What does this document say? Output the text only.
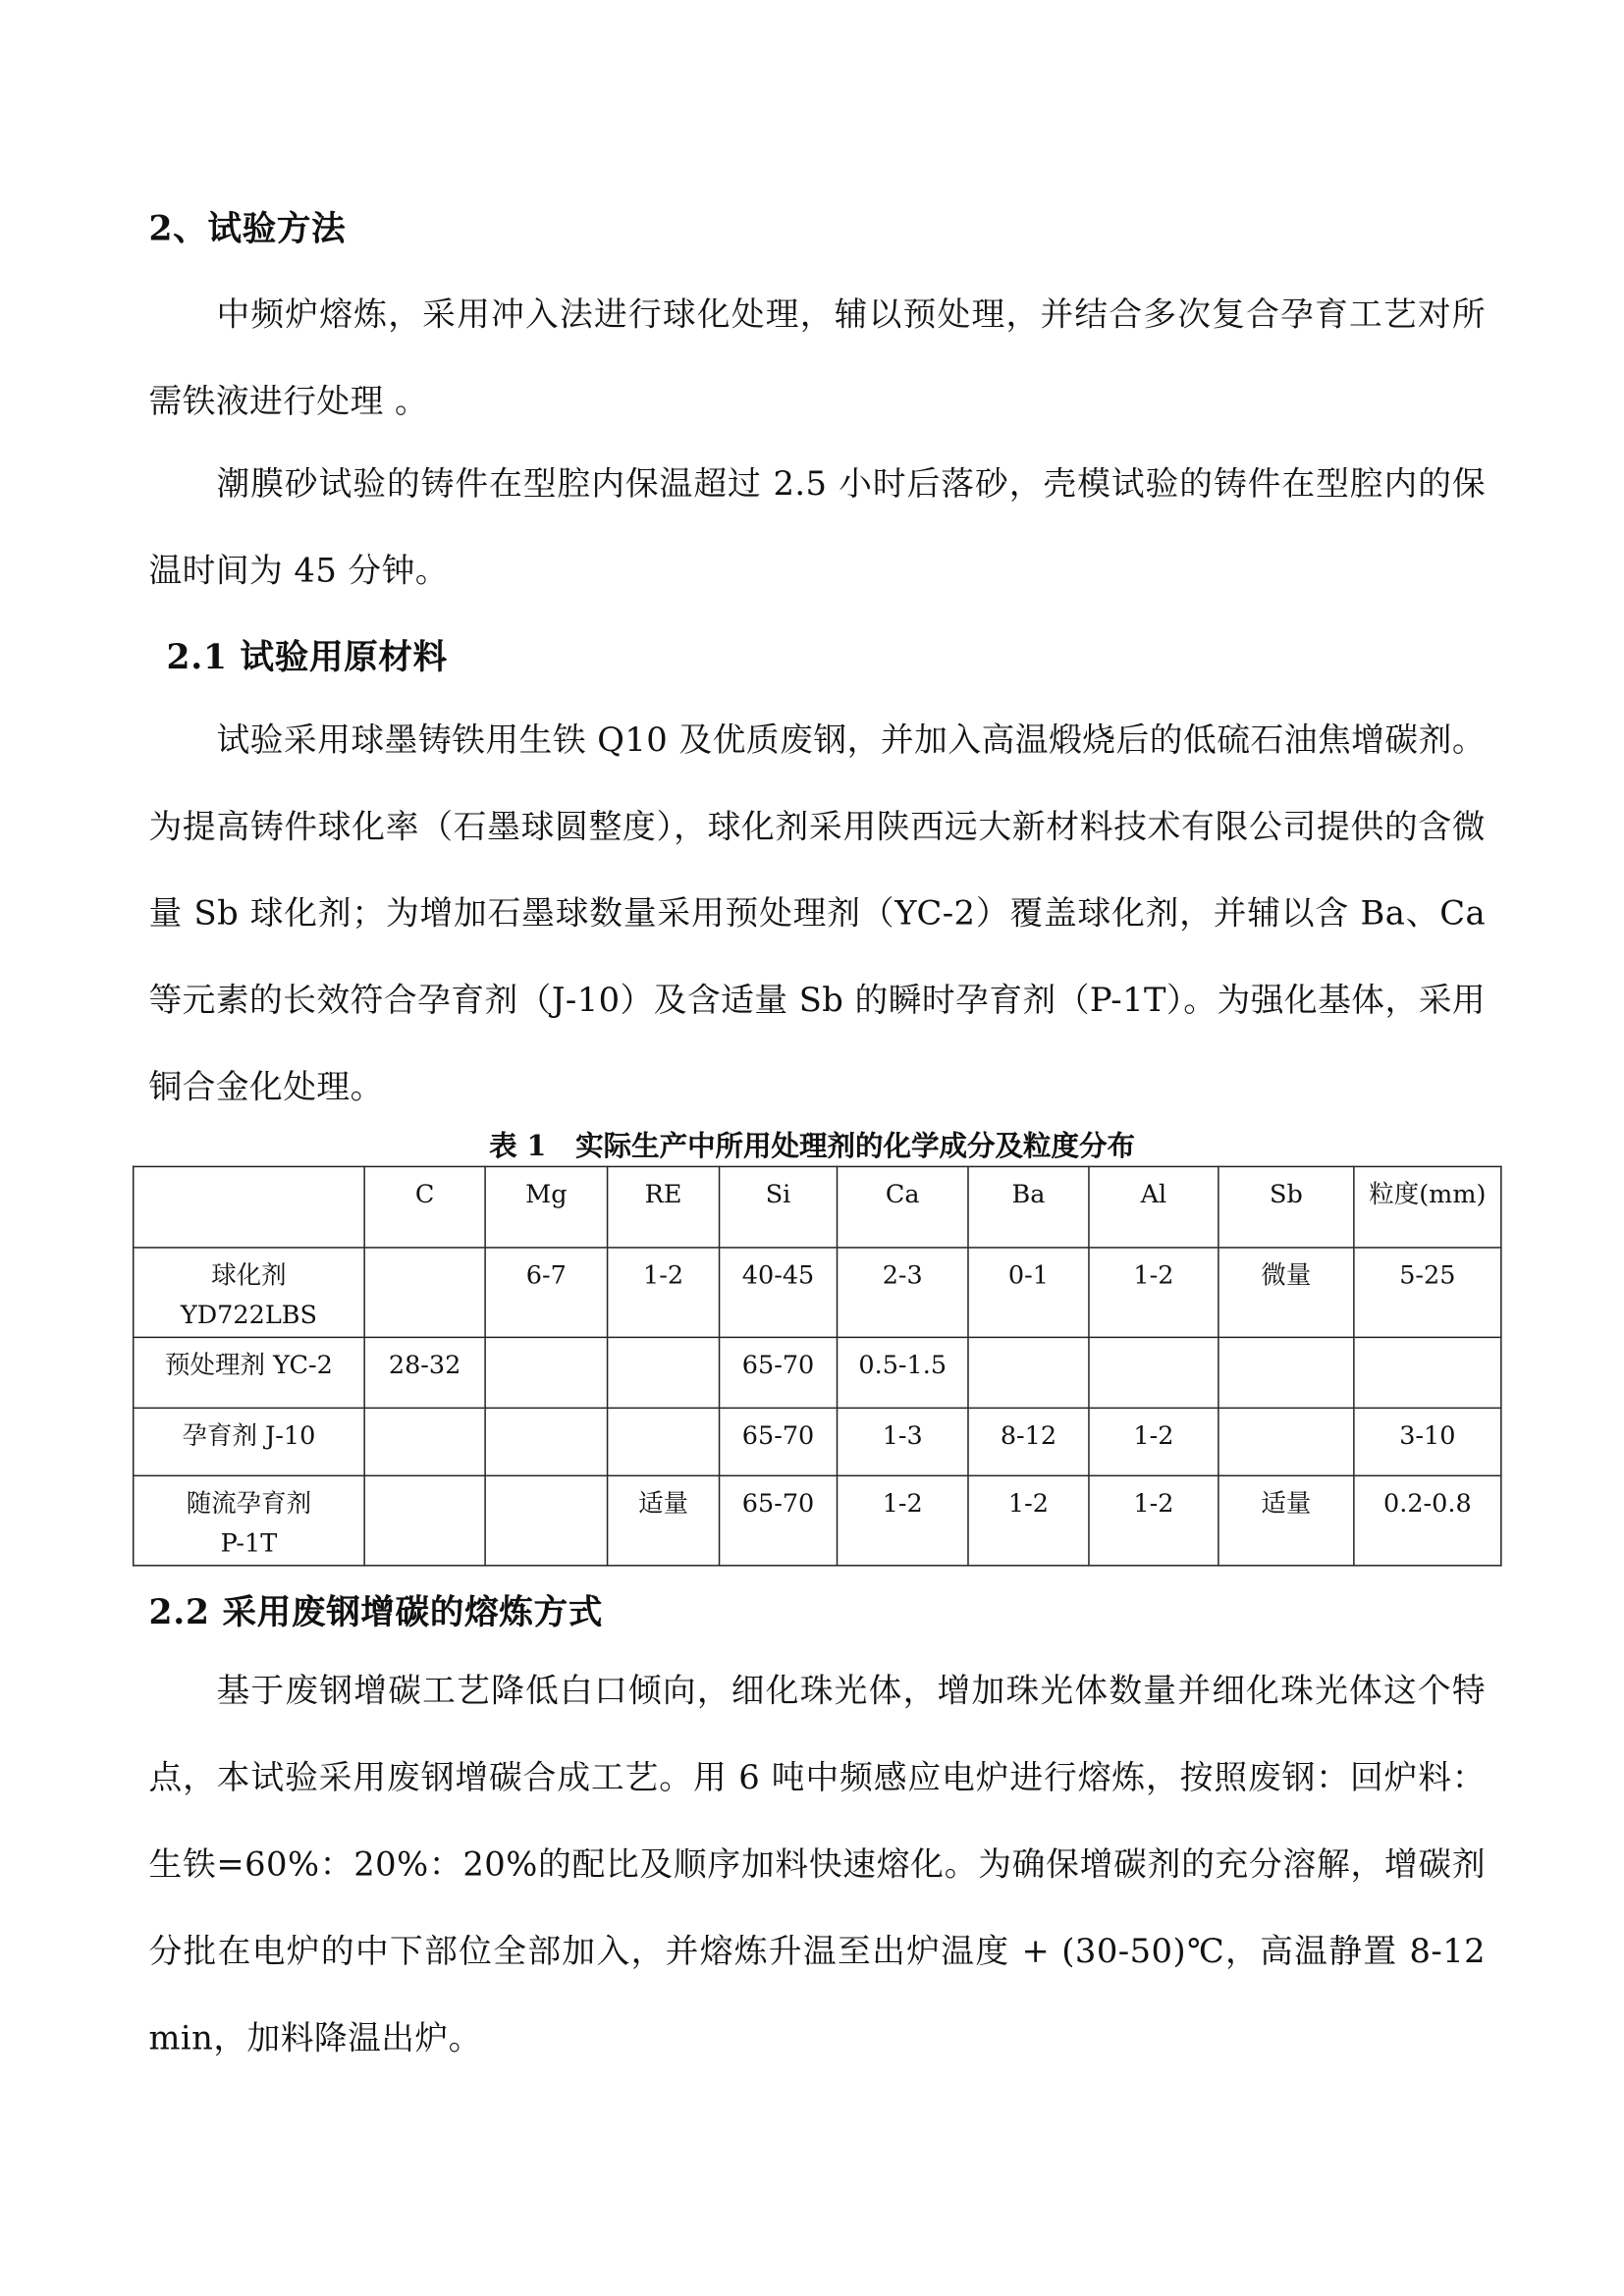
2、试验方法
中频炉熔炼，采用冲入法进行球化处理，辅以预处理，并结合多次复合孕育工艺对所需铁液进行处理 。
潮膜砂试验的铸件在型腔内保温超过 2.5 小时后落砂，壳模试验的铸件在型腔内的保温时间为 45 分钟。
2.1 试验用原材料
试验采用球墨铸铁用生铁 Q10 及优质废钢，并加入高温煅烧后的低硫石油焦增碳剂。为提高铸件球化率（石墨球圆整度），球化剂采用陕西远大新材料技术有限公司提供的含微量 Sb 球化剂；为增加石墨球数量采用预处理剂（YC-2）覆盖球化剂，并辅以含 Ba、Ca 等元素的长效符合孕育剂（J-10）及含适量 Sb 的瞬时孕育剂（P-1T）。为强化基体，采用铜合金化处理。
表 1   实际生产中所用处理剂的化学成分及粒度分布
	C	Mg	RE	Si	Ca	Ba	Al	Sb	粒度(mm)
球化剂
YD722LBS		6-7	1-2	40-45	2-3	0-1	1-2	微量	5-25
预处理剂 YC-2	28-32			65-70	0.5-1.5				
孕育剂 J-10				65-70	1-3	8-12	1-2		3-10
随流孕育剂
P-1T			适量	65-70	1-2	1-2	1-2	适量	0.2-0.8
2.2 采用废钢增碳的熔炼方式
基于废钢增碳工艺降低白口倾向，细化珠光体，增加珠光体数量并细化珠光体这个特点，本试验采用废钢增碳合成工艺。用 6 吨中频感应电炉进行熔炼，按照废钢：回炉料：生铁=60%：20%：20%的配比及顺序加料快速熔化。为确保增碳剂的充分溶解，增碳剂分批在电炉的中下部位全部加入，并熔炼升温至出炉温度 + (30-50)℃，高温静置 8-12 min，加料降温出炉。
